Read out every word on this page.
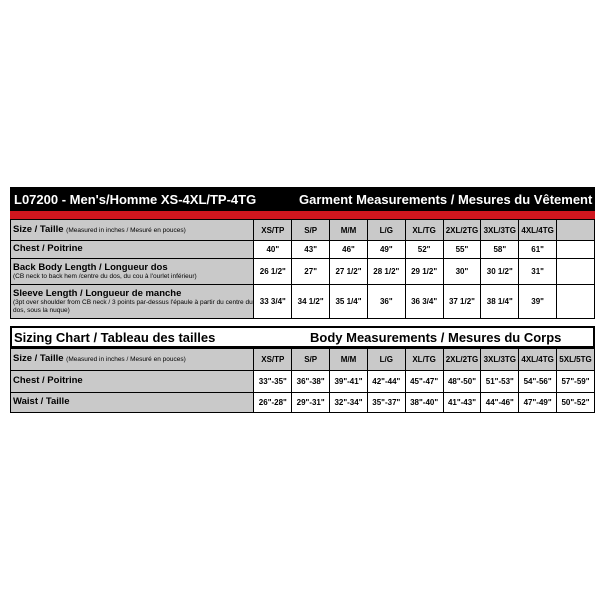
L07200 - Men's/Homme XS-4XL/TP-4TG	Garment Measurements / Mesures du Vêtement
Size / Taille (Measured in inches / Mesuré en pouces)	XS/TP	S/P	M/M	L/G	XL/TG	2XL/2TG	3XL/3TG	4XL/4TG	
Chest / Poitrine	40"	43"	46"	49"	52"	55"	58"	61"	
Back Body Length / Longueur dos
(CB neck to back hem /centre du dos, du cou à l'ourlet inférieur)	26 1/2"	27"	27 1/2"	28 1/2"	29 1/2"	30"	30 1/2"	31"	
Sleeve Length / Longueur de manche
(3pt over shoulder from CB neck / 3 points par-dessus l'épaule à partir du centre du dos, sous la nuque)	33 3/4"	34 1/2"	35 1/4"	36"	36 3/4"	37 1/2"	38 1/4"	39"	
Sizing Chart / Tableau des tailles	Body Measurements / Mesures du Corps
Size / Taille (Measured in inches / Mesuré en pouces)	XS/TP	S/P	M/M	L/G	XL/TG	2XL/2TG	3XL/3TG	4XL/4TG	5XL/5TG
Chest / Poitrine	33"-35"	36"-38"	39"-41"	42"-44"	45"-47"	48"-50"	51"-53"	54"-56"	57"-59"
Waist / Taille	26"-28"	29"-31"	32"-34"	35"-37"	38"-40"	41"-43"	44"-46"	47"-49"	50"-52"
